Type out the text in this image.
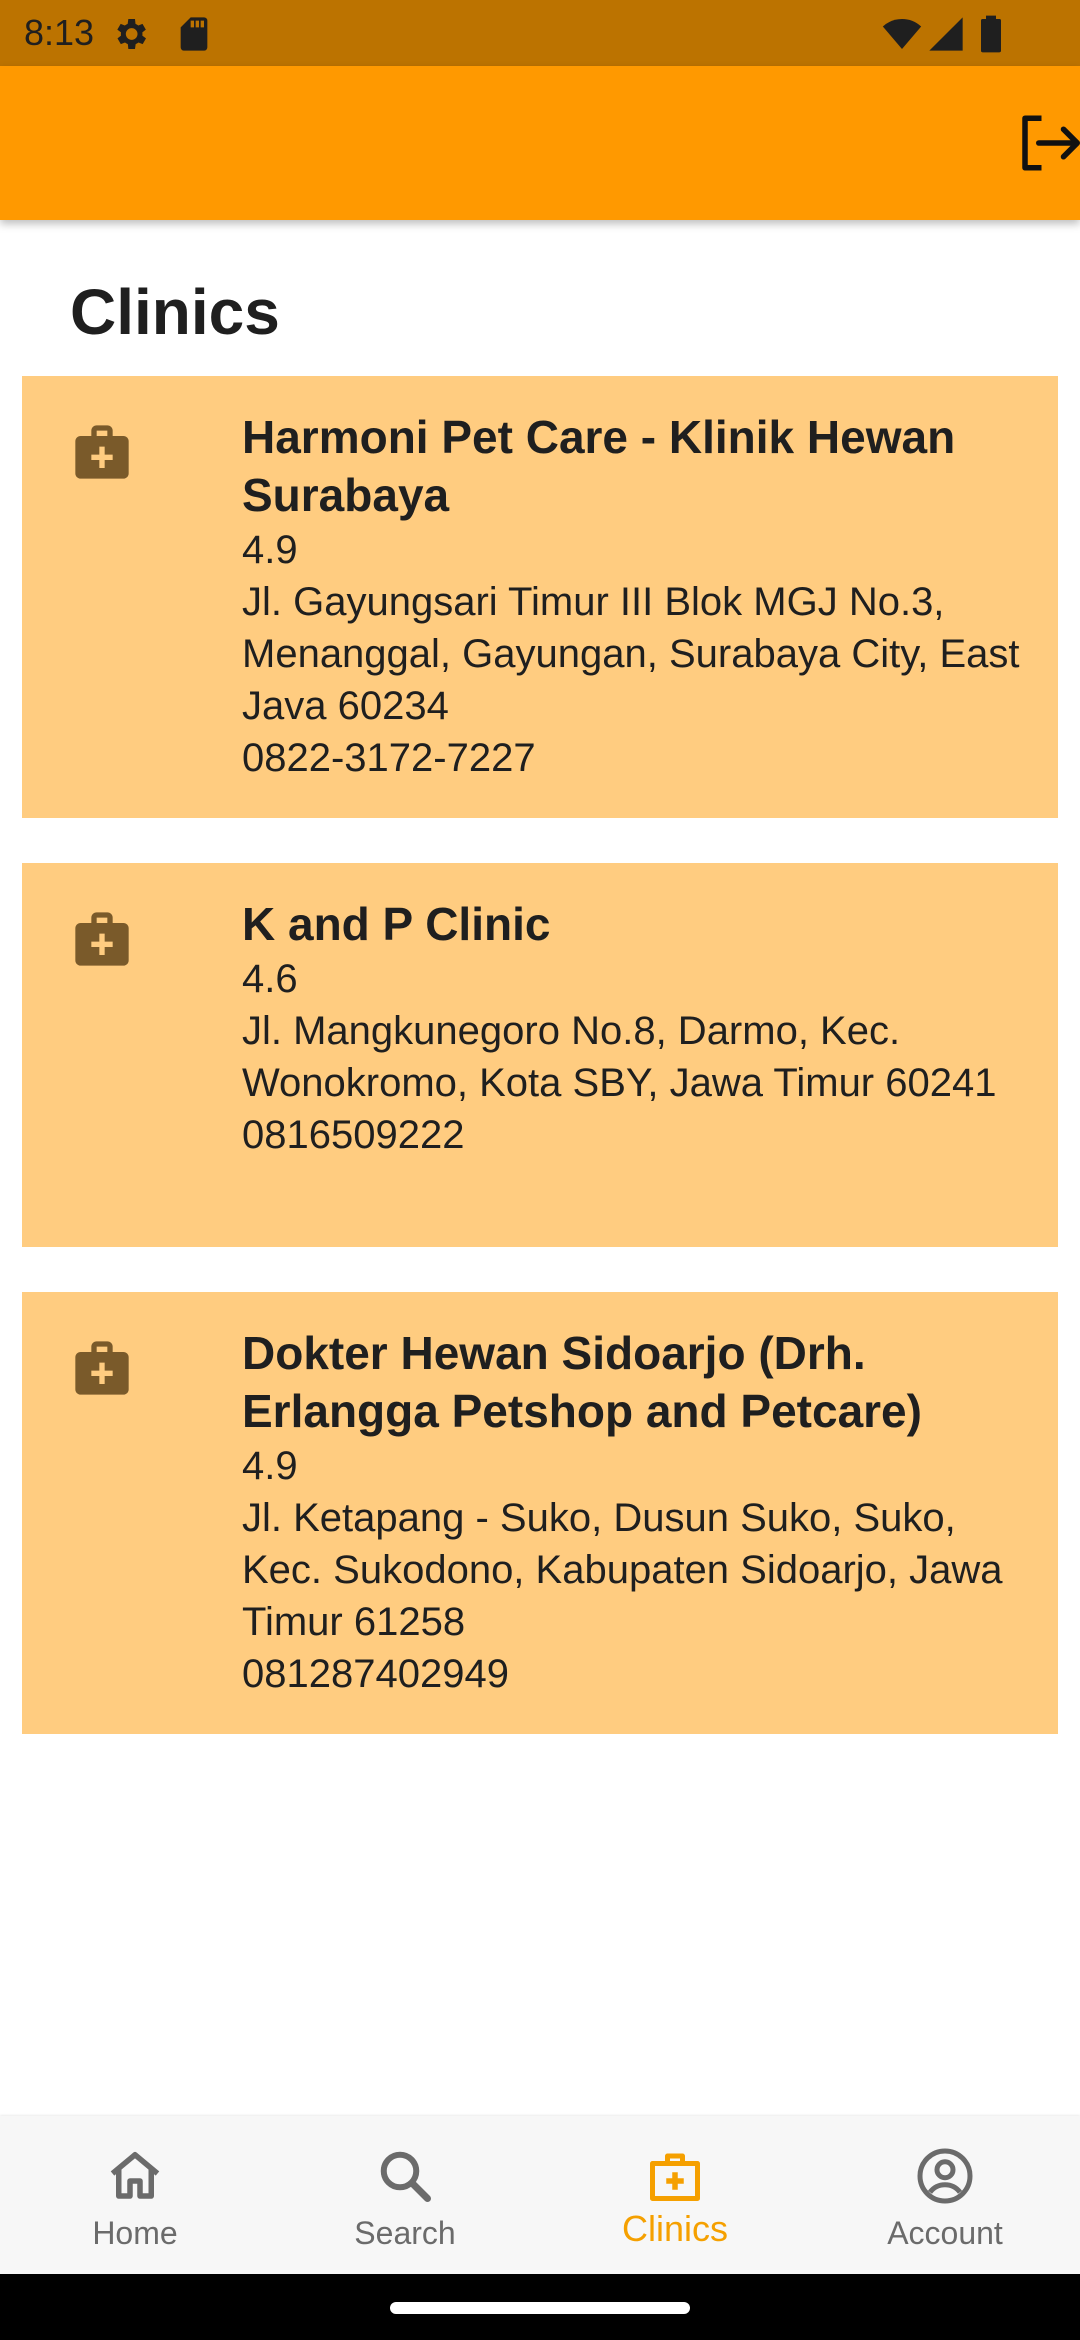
8:13
Clinics
Harmoni Pet Care - Klinik Hewan Surabaya
4.9
Jl. Gayungsari Timur III Blok MGJ No.3, Menanggal, Gayungan, Surabaya City, East Java 60234
0822-3172-7227
K and P Clinic
4.6
Jl. Mangkunegoro No.8, Darmo, Kec. Wonokromo, Kota SBY, Jawa Timur 60241
0816509222
Dokter Hewan Sidoarjo (Drh. Erlangga Petshop and Petcare)
4.9
Jl. Ketapang - Suko, Dusun Suko, Suko, Kec. Sukodono, Kabupaten Sidoarjo, Jawa Timur 61258
081287402949
Home	Search	Clinics	Account
